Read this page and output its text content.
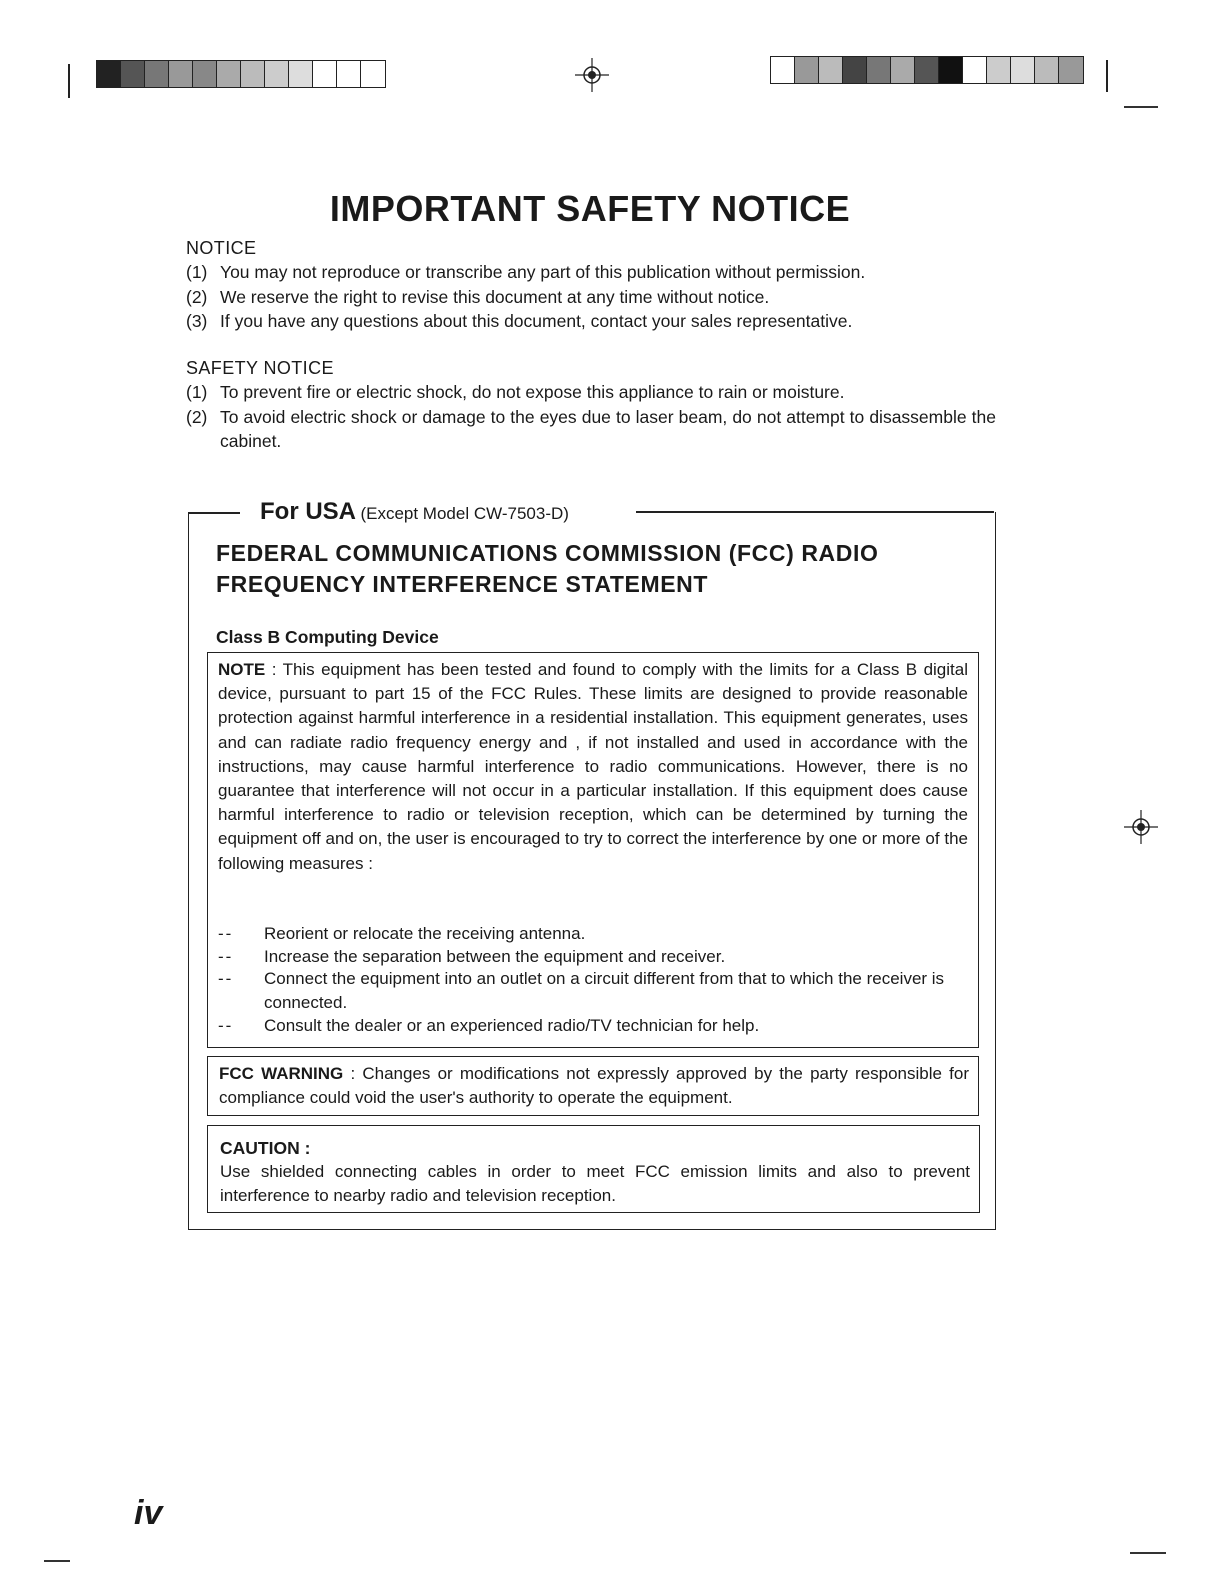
IMPORTANT SAFETY NOTICE
NOTICE
(1) You may not reproduce or transcribe any part of this publication without permission.
(2) We reserve the right to revise this document at any time without notice.
(3) If you have any questions about this document, contact your sales representative.
SAFETY NOTICE
(1) To prevent fire or electric shock, do not expose this appliance to rain or moisture.
(2) To avoid electric shock or damage to the eyes due to laser beam, do not attempt to disassemble the cabinet.
For USA (Except Model CW-7503-D)
FEDERAL COMMUNICATIONS COMMISSION (FCC) RADIO FREQUENCY INTERFERENCE STATEMENT
Class B Computing Device
NOTE : This equipment has been tested and found to comply with the limits for a Class B digital device, pursuant to part 15 of the FCC Rules. These limits are designed to provide reasonable protection against harmful interference in a residential installation. This equipment generates, uses and can radiate radio frequency energy and , if not installed and used in accordance with the instructions, may cause harmful interference to radio communications. However, there is no guarantee that interference will not occur in a particular installation. If this equipment does cause harmful interference to radio or television reception, which can be determined by turning the equipment off and on, the user is encouraged to try to correct the interference by one or more of the following measures :
-- Reorient or relocate the receiving antenna.
-- Increase the separation between the equipment and receiver.
-- Connect the equipment into an outlet on a circuit different from that to which the receiver is connected.
-- Consult the dealer or an experienced radio/TV technician for help.
FCC WARNING : Changes or modifications not expressly approved by the party responsible for compliance could void the user's authority to operate the equipment.
CAUTION :
Use shielded connecting cables in order to meet FCC emission limits and also to prevent interference to nearby radio and television reception.
iv
